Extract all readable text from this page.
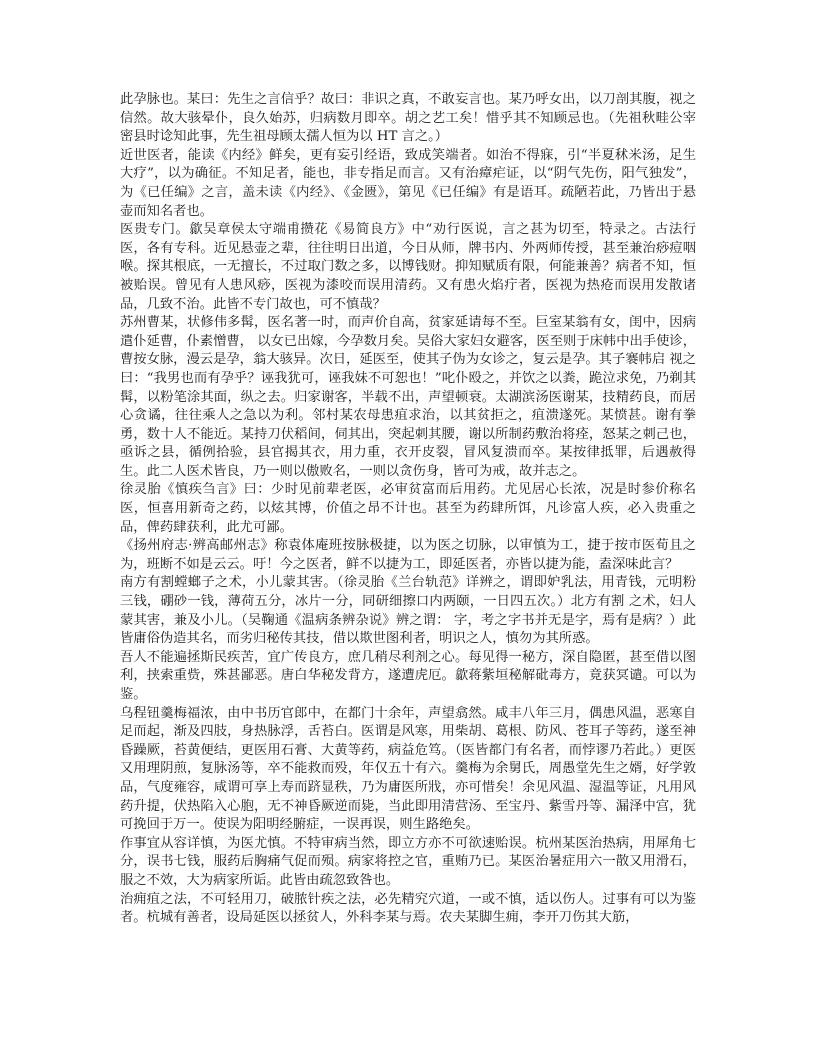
此孕脉也。某曰：先生之言信乎？故曰：非识之真，不敢妄言也。某乃呼女出，以刀剖其腹，视之信然。故大骇晕仆，良久始苏，归病数月即卒。胡之艺工矣！惜乎其不知顾忌也。（先祖秋畦公宰密县时谂知此事，先生祖母顾太孺人恒为以 HT 言之。）

近世医者，能读《内经》鲜矣，更有妄引经语，致成笑端者。如治不得寐，引“半夏秫米汤，足生大疗”，以为确征。不知足者，能也，非专指足而言。又有治瘴疟证，以“阴气先伤，阳气独发”，为《已任编》之言，盖未读《内经》、《金匮》，第见《已任编》有是语耳。疏陋若此，乃皆出于悬壶而知名者也。

医贵专门。歙吴章侯太守端甫攒花《易简良方》中“劝行医说，言之甚为切至，特录之。古法行医，各有专科。近见悬壶之辈，往往明日出道，今日从师，牌书内、外两师传授，甚至兼治痧痘咽喉。探其根底，一无擅长，不过取门数之多，以博钱财。抑知赋质有限，何能兼善？病者不知，恒被贻误。曾见有人患风痧，医视为漆咬而误用清药。又有患火焰疔者，医视为热疮而误用发散诸品，几致不治。此皆不专门故也，可不慎哉？

苏州曹某，状修伟多髯，医名著一时，而声价自高，贫家延请每不至。巨室某翁有女，闺中，因病遣仆延曹，仆素憎曹， 以女已出嫁，今孕数月矣。吴俗大家妇女避客，医至则于床帏中出手使诊，曹按女脉，漫云是孕，翁大骇异。次日，延医至，使其子伪为女诊之，复云是孕。其子褰帏启 视之曰：“我男也而有孕乎？诬我犹可，诬我妹不可恕也！”叱仆殴之，并饮之以粪，跪泣求免，乃剃其髯，以粉笔涂其面，纵之去。归家谢客，半载不出，声望顿衰。太湖滨汤医谢某，技精药良，而居心贪谲，往往乘人之急以为利。邻村某农母患疽求治，以其贫拒之，疽溃遂死。某愤甚。谢有拳勇，数十人不能近。某持刀伏稻间，伺其出，突起刺其腰，谢以所制药敷治将痊，怒某之刺己也，亟诉之县，循例拾验，县官揭其衣，用力重，衣开皮裂，冒风复溃而卒。某按律抵罪，后遇赦得生。此二人医术皆良，乃一则以傲败名，一则以贪伤身，皆可为戒，故并志之。

徐灵胎《慎疾刍言》曰：少时见前辈老医，必审贫富而后用药。尤见居心长浓，况是时参价称名医，恒喜用新奇之药，以炫其博，价值之昂不计也。甚至为药肆所饵，凡诊富人疾，必入贵重之品，俾药肆获利，此尤可鄙。

《扬州府志·辨高邮州志》称袁体庵班按脉极捷，以为医之切脉，以审慎为工，捷于按市医荀且之为，班断不如是云云。吁！今之医者，鲜不以捷为工，即延医者，亦皆以捷为能，盍深味此言？

南方有割螳螂子之术，小儿蒙其害。（徐灵胎《兰台轨范》详辨之，谓即妒乳法，用青钱，元明粉三钱，硼砂一钱，薄荷五分，冰片一分，同研细擦口内两颐，一日四五次。）北方有割 之术，妇人蒙其害，兼及小儿。（吴鞠通《温病条辨杂说》辨之谓： 字，考之字书并无是字，焉有是病？）此皆庸俗伪造其名，而劣归秘传其技，借以欺世图利者，明识之人，慎勿为其所惑。

吾人不能遍拯斯民疾苦，宜广传良方，庶几稍尽利剂之心。每见得一秘方，深自隐匿，甚至借以图利，挟索重赀，殊甚鄙恶。唐白华秘发背方，遂遭虎厄。歙蒋紫垣秘解砒毒方，竟获冥谴。可以为鉴。

乌程钮羹梅福浓，由中书历官郎中，在都门十余年，声望翕然。咸丰八年三月，偶患风温，恶寒自足而起，渐及四肢，身热脉浮，舌苔白。医谓是风寒，用柴胡、葛根、防风、苍耳子等药，遂至神昏躁厥，苔黄便结，更医用石膏、大黄等药，病益危笃。（医皆都门有名者，而悖谬乃若此。）更医又用理阴煎，复脉汤等，卒不能救而殁，年仅五十有六。羹梅为余舅氏，周愚堂先生之婿，好学敦品，气度雍容，咸谓可享上寿而跻显秩，乃为庸医所戕，亦可惜矣！余见风温、湿温等证，凡用风药升提，伏热陷入心胞，无不神昏厥逆而毙，当此即用清营汤、至宝丹、紫雪丹等、漏泽中宫，犹可挽回于万一。使误为阳明经腑症，一误再误，则生路绝矣。

作事宜从容详慎，为医尤慎。不特审病当然，即立方亦不可欲速贻误。杭州某医治热病，用犀角七分，误书七钱，服药后胸痛气促而殒。病家将控之官，重贿乃已。某医治暑症用六一散又用滑石，服之不效，大为病家所诟。此皆由疏忽致咎也。

治痈疽之法，不可轻用刀，破脓针疾之法，必先精究穴道，一或不慎，适以伤人。过事有可以为鉴者。杭城有善者，设局延医以拯贫人，外科李某与焉。农夫某脚生痈，李开刀伤其大筋，
